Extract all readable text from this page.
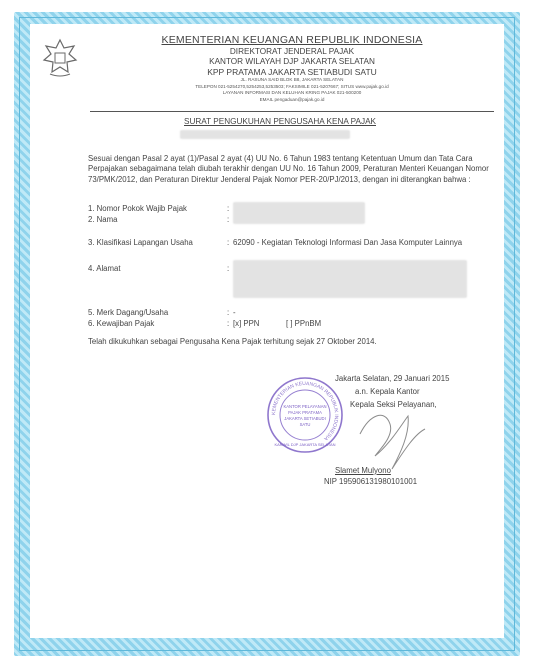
KEMENTERIAN KEUANGAN REPUBLIK INDONESIA
DIREKTORAT JENDERAL PAJAK
KANTOR WILAYAH DJP JAKARTA SELATAN
KPP PRATAMA JAKARTA SETIABUDI SATU
JL. RASUNA SAID BLOK B8, JAKARTA SELATAN
TELEPON 021-5254270,5254253,5253503; FAKSIMILE 021-5207667; SITUS www.pajak.go.id
LAYANAN INFORMASI DAN KELUHAN KRING PAJAK 021-500200
EMAIL pengaduan@pajak.go.id
SURAT PENGUKUHAN PENGUSAHA KENA PAJAK
Sesuai dengan Pasal 2 ayat (1)/Pasal 2 ayat (4) UU No. 6 Tahun 1983 tentang Ketentuan Umum dan Tata Cara Perpajakan sebagaimana telah diubah terakhir dengan UU No. 16 Tahun 2009, Peraturan Menteri Keuangan Nomor 73/PMK/2012, dan Peraturan Direktur Jenderal Pajak Nomor PER-20/PJ/2013, dengan ini diterangkan bahwa :
1. Nomor Pokok Wajib Pajak	:
2. Nama	:
3. Klasifikasi Lapangan Usaha	: 62090 - Kegiatan Teknologi Informasi Dan Jasa Komputer Lainnya
4. Alamat	:
5. Merk Dagang/Usaha	: -
6. Kewajiban Pajak	: [x] PPN	[ ] PPnBM
Telah dikukuhkan sebagai Pengusaha Kena Pajak terhitung sejak 27 Oktober 2014.
KEMENTERIAN KEUANGAN REPUBLIK INDONESIA
KANTOR PELAYANAN
PAJAK PRATAMA
JAKARTA SETIABUDI
SATU
KANWIL DJP JAKARTA SELATAN
Jakarta Selatan, 29 Januari 2015
a.n. Kepala Kantor
Kepala Seksi Pelayanan,
Slamet Mulyono
NIP 195906131980101001
